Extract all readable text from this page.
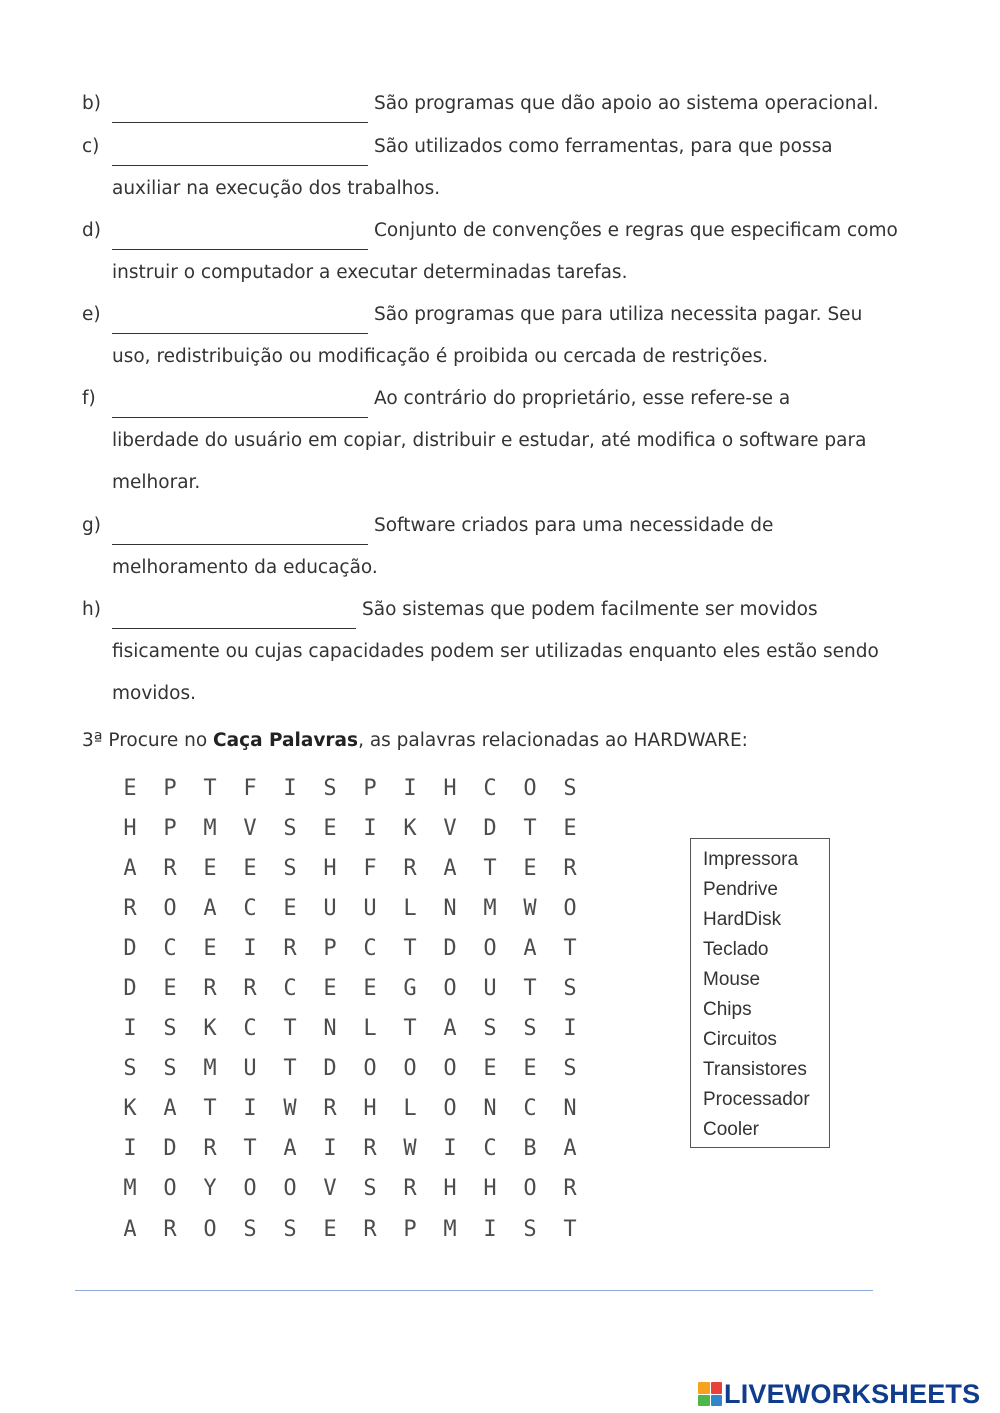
b)	São programas que dão apoio ao sistema operacional.
c)	São utilizados como ferramentas, para que possa
auxiliar na execução dos trabalhos.
d)	Conjunto de convenções e regras que especificam como
instruir o computador a executar determinadas tarefas.
e)	São programas que para utiliza necessita pagar. Seu
uso, redistribuição ou modificação é proibida ou cercada de restrições.
f)	Ao contrário do proprietário, esse refere-se a
liberdade do usuário em copiar, distribuir e estudar, até modifica o software para
melhorar.
g)	Software criados para uma necessidade de
melhoramento da educação.
h)	São sistemas que podem facilmente ser movidos
fisicamente ou cujas capacidades podem ser utilizadas enquanto eles estão sendo
movidos.
3ª Procure no Caça Palavras, as palavras relacionadas ao HARDWARE:
E	P	T	F	I	S	P	I	H	C	O	S
H	P	M	V	S	E	I	K	V	D	T	E
A	R	E	E	S	H	F	R	A	T	E	R
R	O	A	C	E	U	U	L	N	M	W	O
D	C	E	I	R	P	C	T	D	O	A	T
D	E	R	R	C	E	E	G	O	U	T	S
I	S	K	C	T	N	L	T	A	S	S	I
S	S	M	U	T	D	O	O	O	E	E	S
K	A	T	I	W	R	H	L	O	N	C	N
I	D	R	T	A	I	R	W	I	C	B	A
M	O	Y	O	O	V	S	R	H	H	O	R
A	R	O	S	S	E	R	P	M	I	S	T
Impressora
Pendrive
HardDisk
Teclado
Mouse
Chips
Circuitos
Transistores
Processador
Cooler
LIVEWORKSHEETS
